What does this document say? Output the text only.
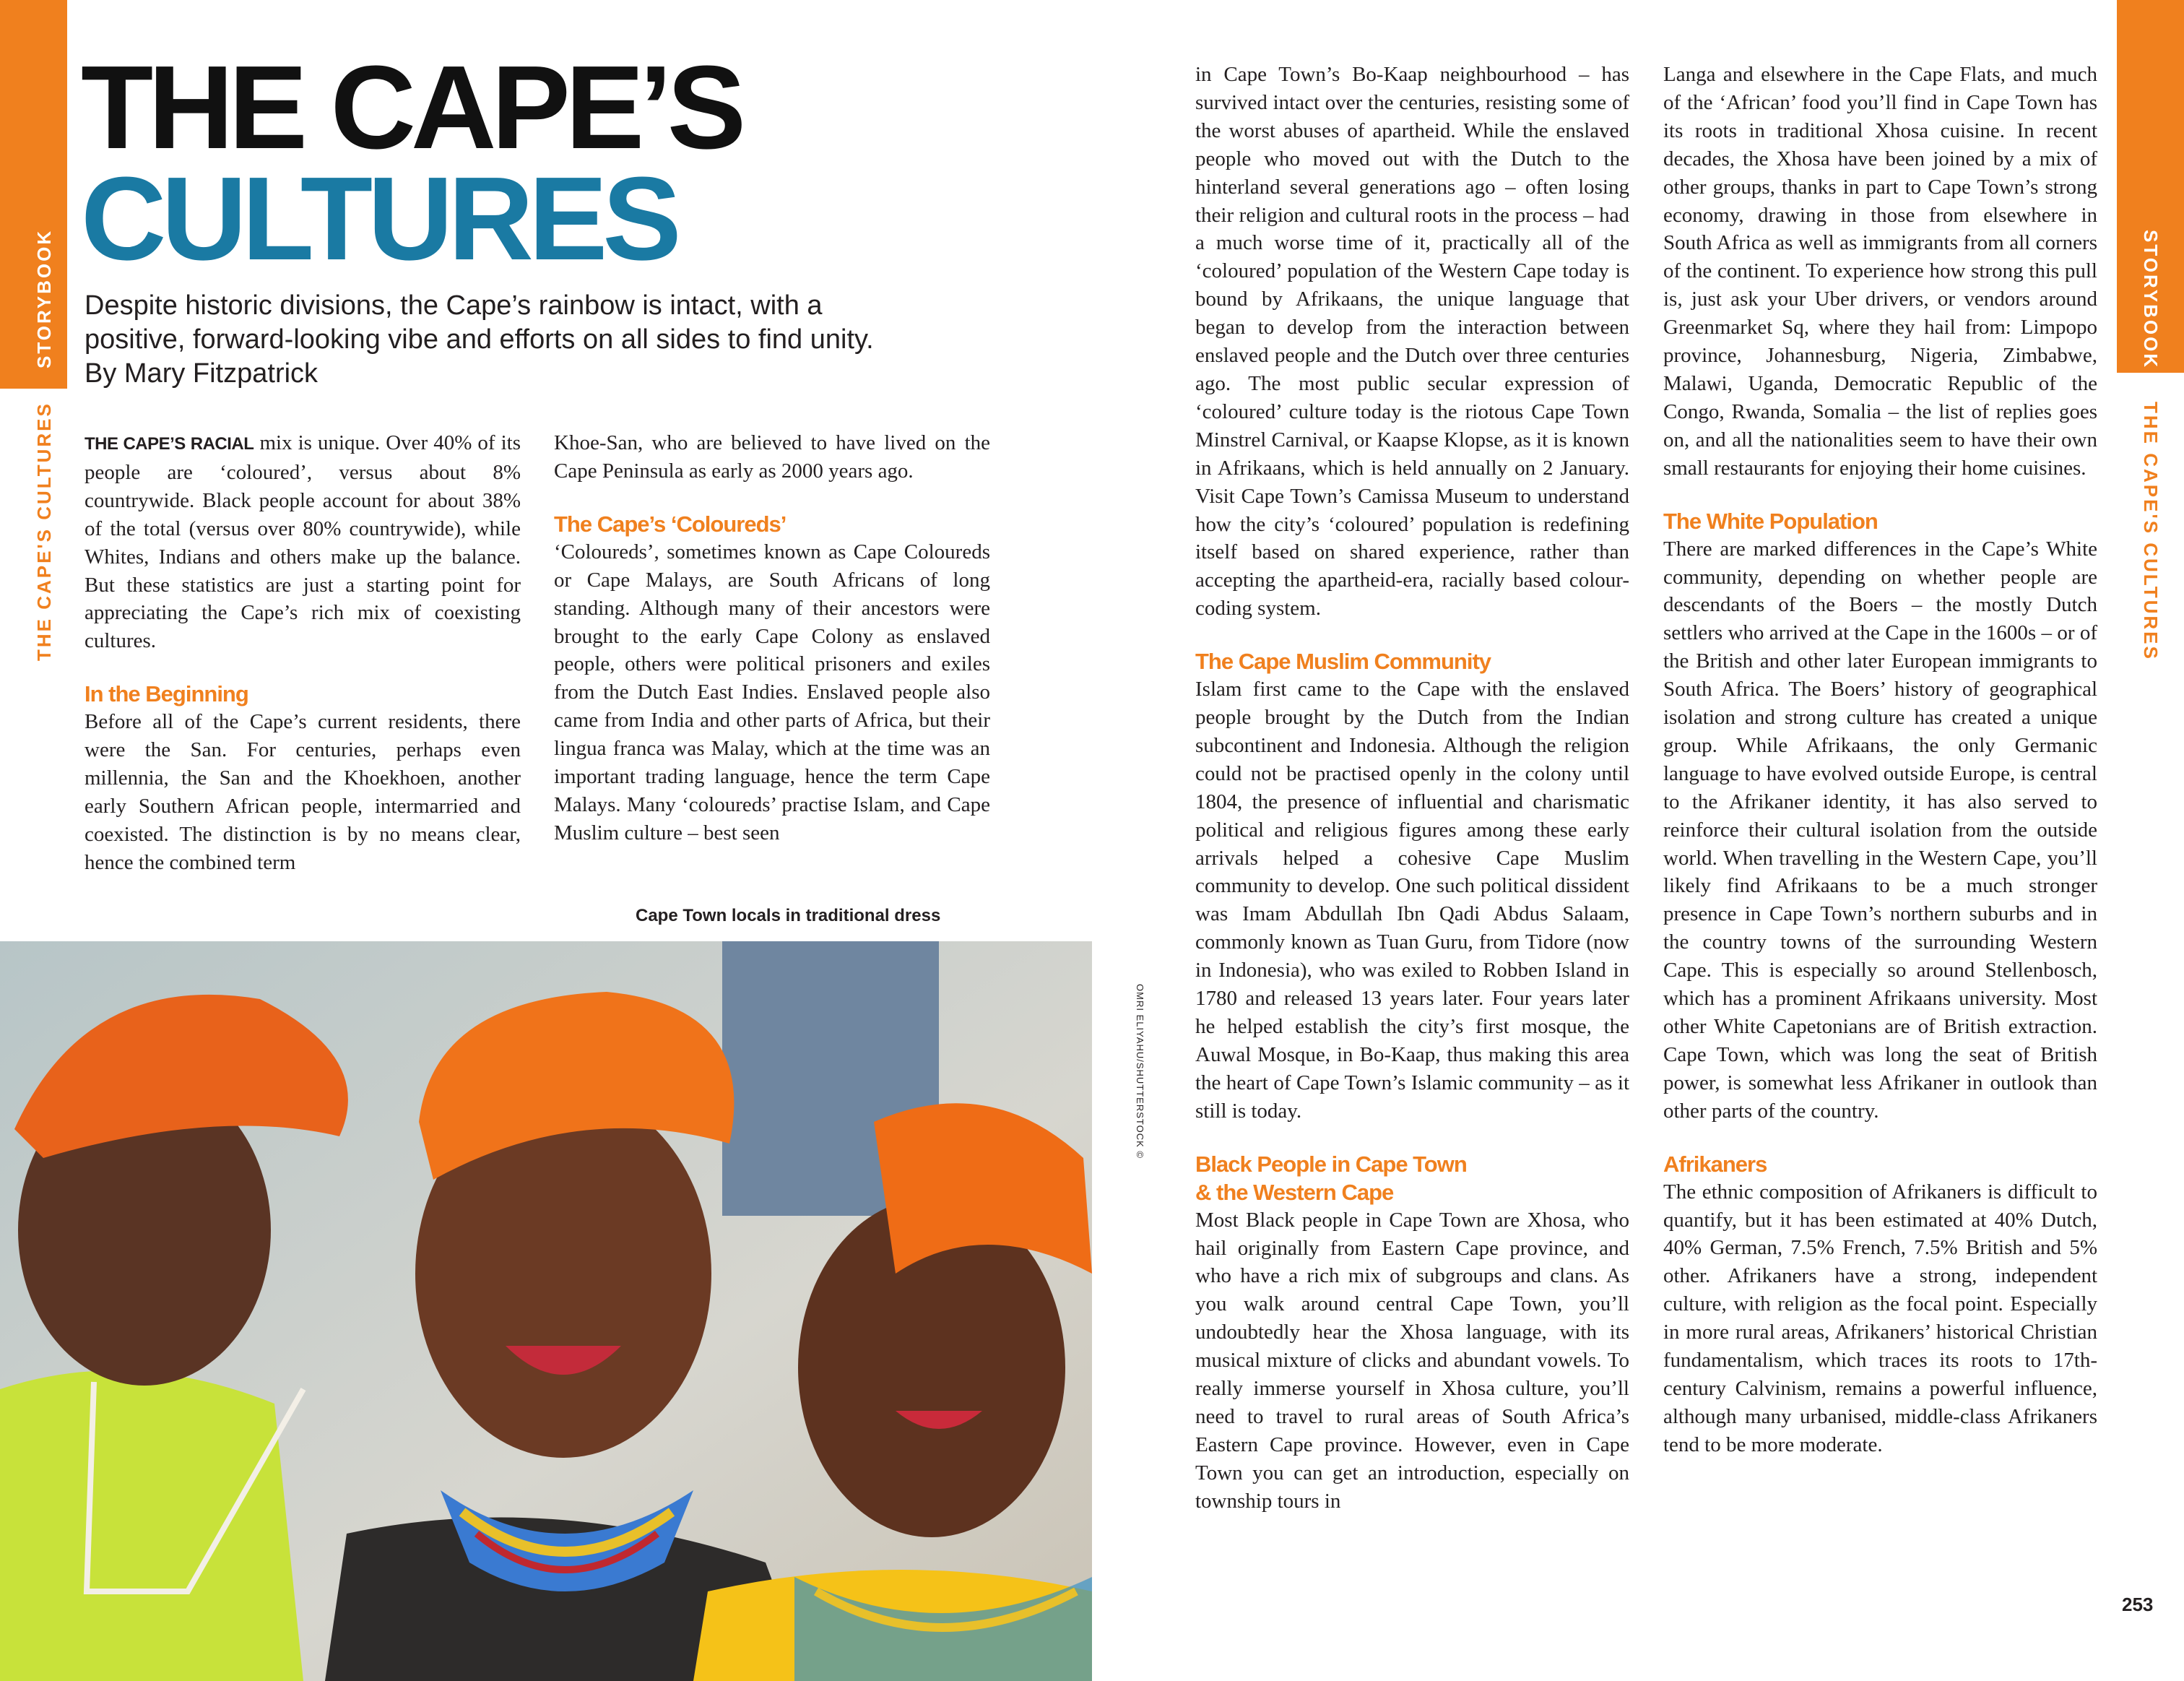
STORYBOOK
THE CAPE'S CULTURES
STORYBOOK
THE CAPE'S CULTURES
THE CAPE’S
CULTURES
Despite historic divisions, the Cape’s rainbow is intact, with a positive, forward-looking vibe and efforts on all sides to find unity. By Mary Fitzpatrick

THE CAPE’S RACIAL mix is unique. Over 40% of its people are ‘coloured’, versus about 8% countrywide. Black people account for about 38% of the total (versus over 80% countrywide), while Whites, Indians and others make up the balance. But these statistics are just a starting point for appreciating the Cape’s rich mix of coexisting cultures.

In the Beginning

Before all of the Cape’s current residents, there were the San. For centuries, perhaps even millennia, the San and the Khoekhoen, another early Southern African people, intermarried and coexisted. The distinction is by no means clear, hence the combined term

Khoe-San, who are believed to have lived on the Cape Peninsula as early as 2000 years ago.

The Cape’s ‘Coloureds’

‘Coloureds’, sometimes known as Cape Coloureds or Cape Malays, are South Africans of long standing. Although many of their ancestors were brought to the early Cape Colony as enslaved people, others were political prisoners and exiles from the Dutch East Indies. Enslaved people also came from India and other parts of Africa, but their lingua franca was Malay, which at the time was an important trading language, hence the term Cape Malays. Many ‘coloureds’ practise Islam, and Cape Muslim culture – best seen

Cape Town locals in traditional dress
OMRI ELIYAHU/SHUTTERSTOCK ©

in Cape Town’s Bo-Kaap neighbourhood – has survived intact over the centuries, resisting some of the worst abuses of apartheid. While the enslaved people who moved out with the Dutch to the hinterland several generations ago – often losing their religion and cultural roots in the process – had a much worse time of it, practically all of the ‘coloured’ population of the Western Cape today is bound by Afrikaans, the unique language that began to develop from the interaction between enslaved people and the Dutch over three centuries ago. The most public secular expression of ‘coloured’ culture today is the riotous Cape Town Minstrel Carnival, or Kaapse Klopse, as it is known in Afrikaans, which is held annually on 2 January. Visit Cape Town’s Camissa Museum to understand how the city’s ‘coloured’ population is redefining itself based on shared experience, rather than accepting the apartheid-era, racially based colour-coding system.

The Cape Muslim Community

Islam first came to the Cape with the enslaved people brought by the Dutch from the Indian subcontinent and Indonesia. Although the religion could not be practised openly in the colony until 1804, the presence of influential and charismatic political and religious figures among these early arrivals helped a cohesive Cape Muslim community to develop. One such political dissident was Imam Abdullah Ibn Qadi Abdus Salaam, commonly known as Tuan Guru, from Tidore (now in Indonesia), who was exiled to Robben Island in 1780 and released 13 years later. Four years later he helped establish the city’s first mosque, the Auwal Mosque, in Bo-Kaap, thus making this area the heart of Cape Town’s Islamic community – as it still is today.

Black People in Cape Town
& the Western Cape

Most Black people in Cape Town are Xhosa, who hail originally from Eastern Cape province, and who have a rich mix of subgroups and clans. As you walk around central Cape Town, you’ll undoubtedly hear the Xhosa language, with its musical mixture of clicks and abundant vowels. To really immerse yourself in Xhosa culture, you’ll need to travel to rural areas of South Africa’s Eastern Cape province. However, even in Cape Town you can get an introduction, especially on township tours in

Langa and elsewhere in the Cape Flats, and much of the ‘African’ food you’ll find in Cape Town has its roots in traditional Xhosa cuisine. In recent decades, the Xhosa have been joined by a mix of other groups, thanks in part to Cape Town’s strong economy, drawing in those from elsewhere in South Africa as well as immigrants from all corners of the continent. To experience how strong this pull is, just ask your Uber drivers, or vendors around Greenmarket Sq, where they hail from: Limpopo province, Johannesburg, Nigeria, Zimbabwe, Malawi, Uganda, Democratic Republic of the Congo, Rwanda, Somalia – the list of replies goes on, and all the nationalities seem to have their own small restaurants for enjoying their home cuisines.

The White Population

There are marked differences in the Cape’s White community, depending on whether people are descendants of the Boers – the mostly Dutch settlers who arrived at the Cape in the 1600s – or of the British and other later European immigrants to South Africa. The Boers’ history of geographical isolation and strong culture has created a unique group. While Afrikaans, the only Germanic language to have evolved outside Europe, is central to the Afrikaner identity, it has also served to reinforce their cultural isolation from the outside world. When travelling in the Western Cape, you’ll likely find Afrikaans to be a much stronger presence in Cape Town’s northern suburbs and in the country towns of the surrounding Western Cape. This is especially so around Stellenbosch, which has a prominent Afrikaans university. Most other White Capetonians are of British extraction. Cape Town, which was long the seat of British power, is somewhat less Afrikaner in outlook than other parts of the country.

Afrikaners

The ethnic composition of Afrikaners is difficult to quantify, but it has been estimated at 40% Dutch, 40% German, 7.5% French, 7.5% British and 5% other. Afrikaners have a strong, independent culture, with religion as the focal point. Especially in more rural areas, Afrikaners’ historical Christian fundamentalism, which traces its roots to 17th-century Calvinism, remains a powerful influence, although many urbanised, middle-class Afrikaners tend to be more moderate.

253
